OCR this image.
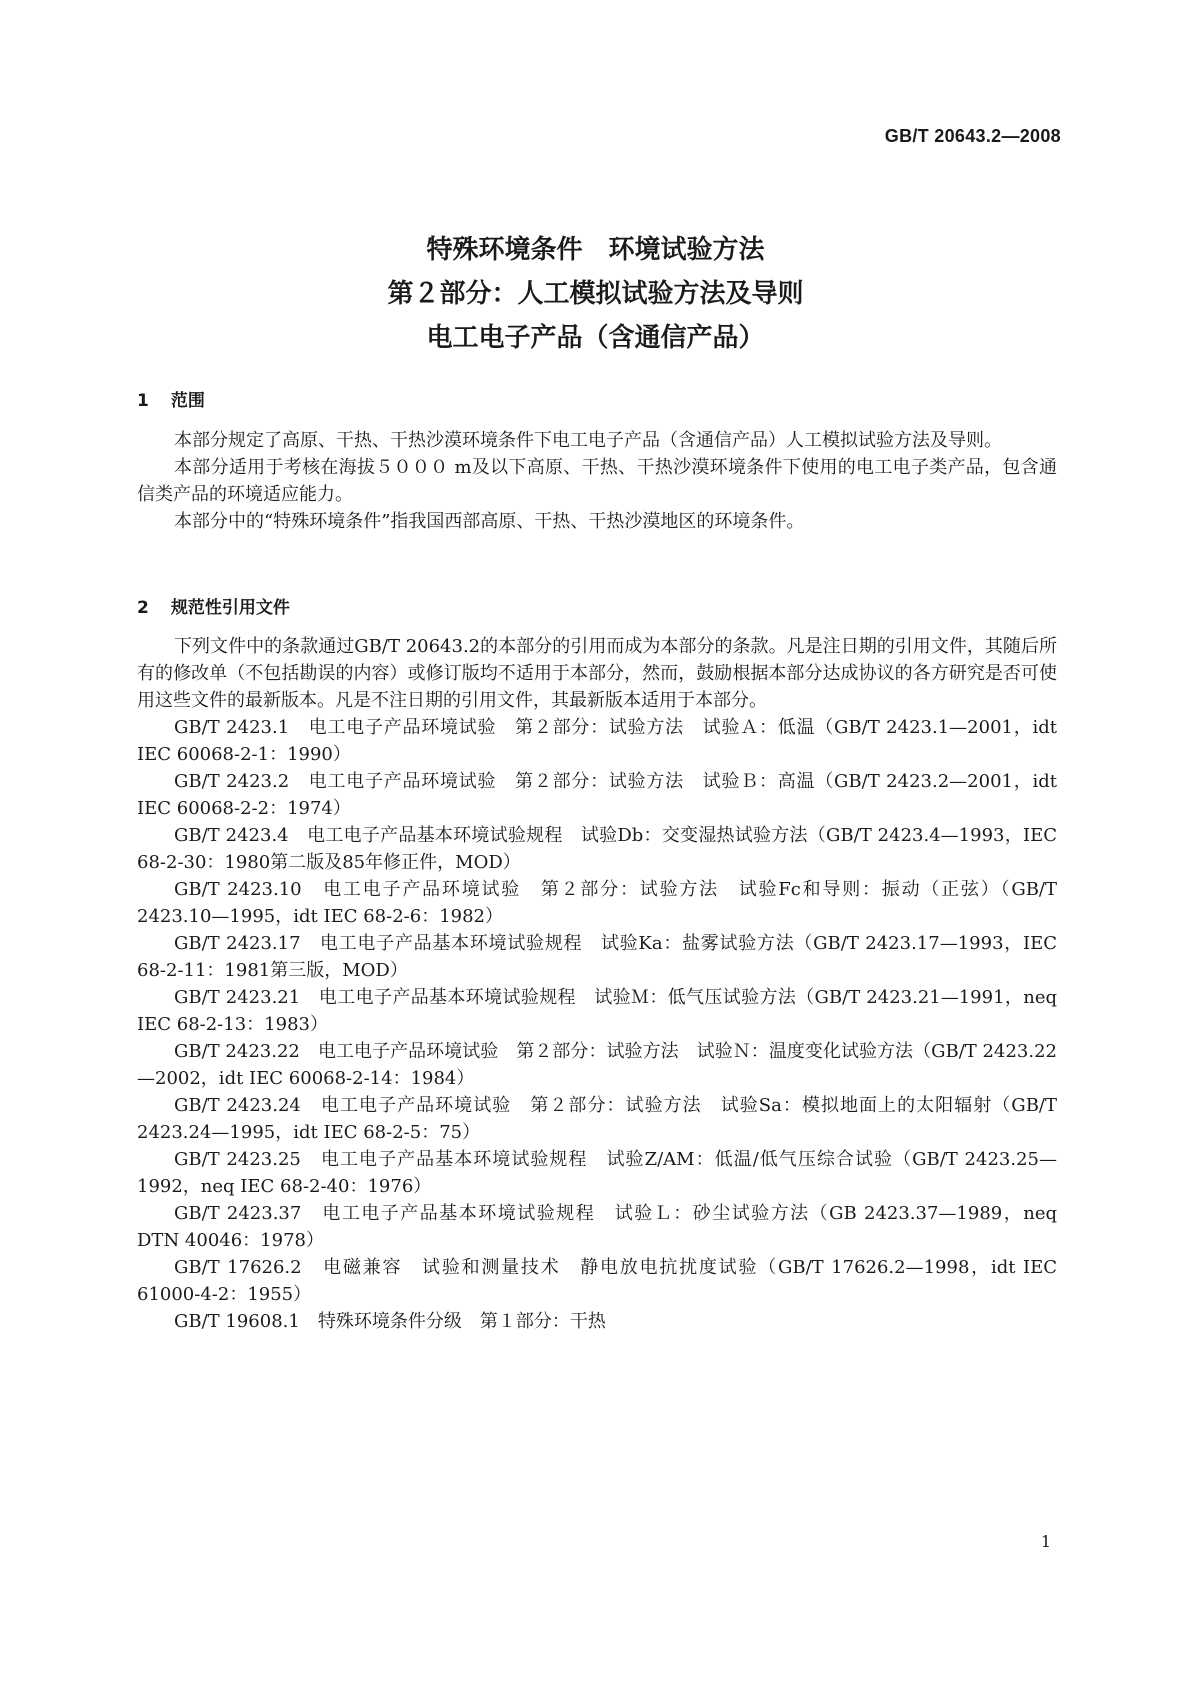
GB/T 20643.2—2008
特殊环境条件　环境试验方法
第２部分：人工模拟试验方法及导则
电工电子产品（含通信产品）
1 范围

本部分规定了高原、干热、干热沙漠环境条件下电工电子产品（含通信产品）人工模拟试验方法及导则。

本部分适用于考核在海拔５０００ m及以下高原、干热、干热沙漠环境条件下使用的电工电子类产品，包含通信类产品的环境适应能力。

本部分中的“特殊环境条件”指我国西部高原、干热、干热沙漠地区的环境条件。

2 规范性引用文件

下列文件中的条款通过GB/T 20643.2的本部分的引用而成为本部分的条款。凡是注日期的引用文件，其随后所有的修改单（不包括勘误的内容）或修订版均不适用于本部分，然而，鼓励根据本部分达成协议的各方研究是否可使用这些文件的最新版本。凡是不注日期的引用文件，其最新版本适用于本部分。

GB/T 2423.1　 电工电子产品环境试验　第２部分：试验方法　试验Ａ：低温（GB/T 2423.1—2001，idt IEC 60068-2-1：1990）

GB/T 2423.2　 电工电子产品环境试验　第２部分：试验方法　试验Ｂ：高温（GB/T 2423.2—2001，idt IEC 60068-2-2：1974）

GB/T 2423.4　 电工电子产品基本环境试验规程　试验Db：交变湿热试验方法（GB/T 2423.4—1993，IEC 68-2-30：1980第二版及85年修正件，MOD）

GB/T 2423.10　 电工电子产品环境试验　第２部分：试验方法　试验Fc和导则：振动（正弦）（GB/T 2423.10—1995，idt IEC 68-2-6：1982）

GB/T 2423.17　 电工电子产品基本环境试验规程　试验Ka：盐雾试验方法（GB/T 2423.17—1993，IEC 68-2-11：1981第三版，MOD）

GB/T 2423.21　 电工电子产品基本环境试验规程　试验Ｍ：低气压试验方法（GB/T 2423.21—1991，neq IEC 68-2-13：1983）

GB/T 2423.22　 电工电子产品环境试验　第２部分：试验方法　试验Ｎ：温度变化试验方法（GB/T 2423.22—2002，idt IEC 60068-2-14：1984）

GB/T 2423.24　 电工电子产品环境试验　第２部分：试验方法　试验Sa：模拟地面上的太阳辐射（GB/T 2423.24—1995，idt IEC 68-2-5：75）

GB/T 2423.25　 电工电子产品基本环境试验规程　试验Z/AM：低温/低气压综合试验（GB/T 2423.25—1992，neq IEC 68-2-40：1976）

GB/T 2423.37　 电工电子产品基本环境试验规程　试验Ｌ：砂尘试验方法（GB 2423.37—1989，neq DTN 40046：1978）

GB/T 17626.2　 电磁兼容　试验和测量技术　静电放电抗扰度试验（GB/T 17626.2—1998，idt IEC 61000-4-2：1955）

GB/T 19608.1　 特殊环境条件分级　第１部分：干热

1
